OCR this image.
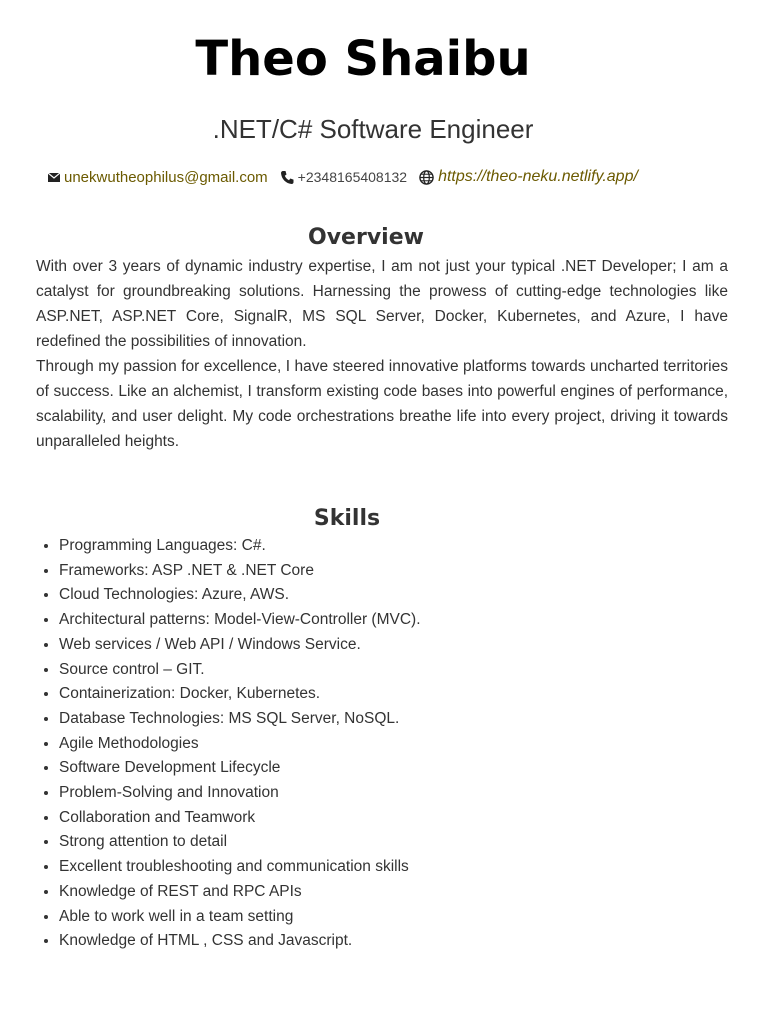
Theo Shaibu
.NET/C# Software Engineer
unekwutheophilus@gmail.com +2348165408132 https://theo-neku.netlify.app/
Overview

With over 3 years of dynamic industry expertise, I am not just your typical .NET Developer; I am a catalyst for groundbreaking solutions. Harnessing the prowess of cutting-edge technologies like ASP.NET, ASP.NET Core, SignalR, MS SQL Server, Docker, Kubernetes, and Azure, I have redefined the possibilities of innovation.

Through my passion for excellence, I have steered innovative platforms towards uncharted territories of success. Like an alchemist, I transform existing code bases into powerful engines of performance, scalability, and user delight. My code orchestrations breathe life into every project, driving it towards unparalleled heights.

Skills
• Programming Languages: C#.
• Frameworks: ASP .NET & .NET Core
• Cloud Technologies: Azure, AWS.
• Architectural patterns: Model-View-Controller (MVC).
• Web services / Web API / Windows Service.
• Source control – GIT.
• Containerization: Docker, Kubernetes.
• Database Technologies: MS SQL Server, NoSQL.
• Agile Methodologies
• Software Development Lifecycle
• Problem-Solving and Innovation
• Collaboration and Teamwork
• Strong attention to detail
• Excellent troubleshooting and communication skills
• Knowledge of REST and RPC APIs
• Able to work well in a team setting
• Knowledge of HTML , CSS and Javascript.
